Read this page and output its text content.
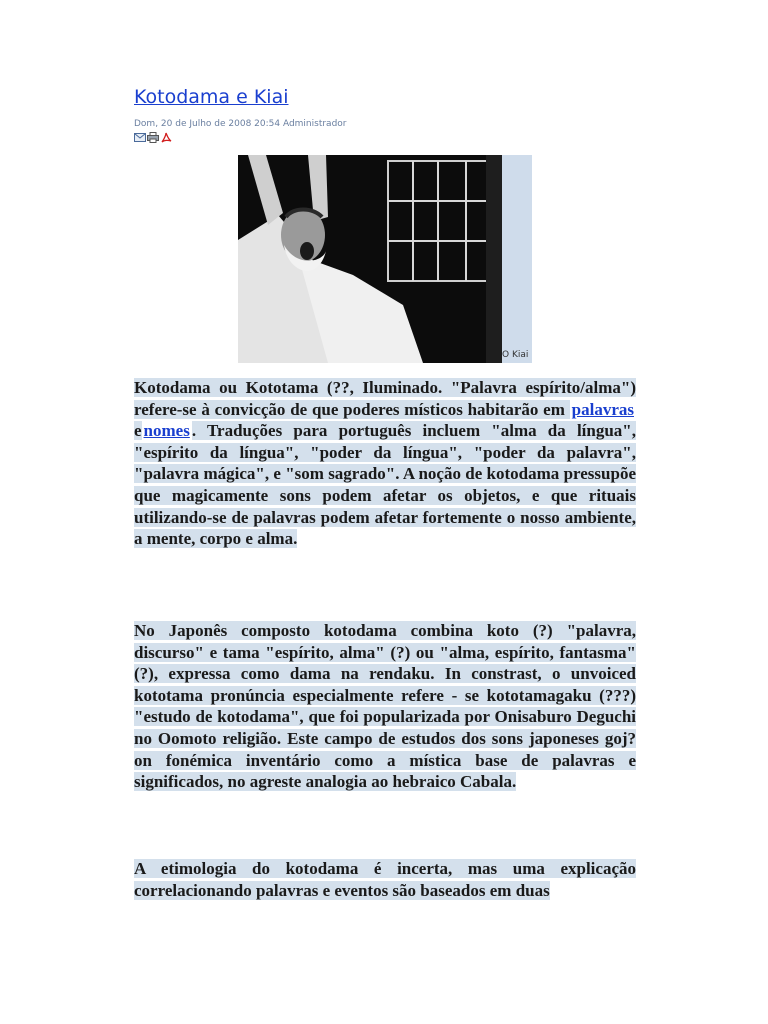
Kotodama e Kiai
Dom, 20 de Julho de 2008 20:54 Administrador
O Kiai

Kotodama ou Kototama (??, Iluminado. "Palavra espírito/alma") refere-se à convicção de que poderes místicos habitarão em palavras e nomes . Traduções para português incluem "alma da língua", "espírito da língua", "poder da língua", "poder da palavra", "palavra mágica", e "som sagrado". A noção de kotodama pressupõe que magicamente sons podem afetar os objetos, e que rituais utilizando-se de palavras podem afetar fortemente o nosso ambiente, a mente, corpo e alma.

No Japonês composto kotodama combina koto (?) "palavra, discurso" e tama "espírito, alma" (?) ou "alma, espírito, fantasma" (?), expressa como dama na rendaku. In constrast, o unvoiced kototama pronúncia especialmente refere - se kototamagaku (???) "estudo de kotodama", que foi popularizada por Onisaburo Deguchi no Oomoto religião. Este campo de estudos dos sons japoneses goj?on fonémica inventário como a mística base de palavras e significados, no agreste analogia ao hebraico Cabala.

A etimologia do kotodama é incerta, mas uma explicação correlacionando palavras e eventos são baseados em duas
